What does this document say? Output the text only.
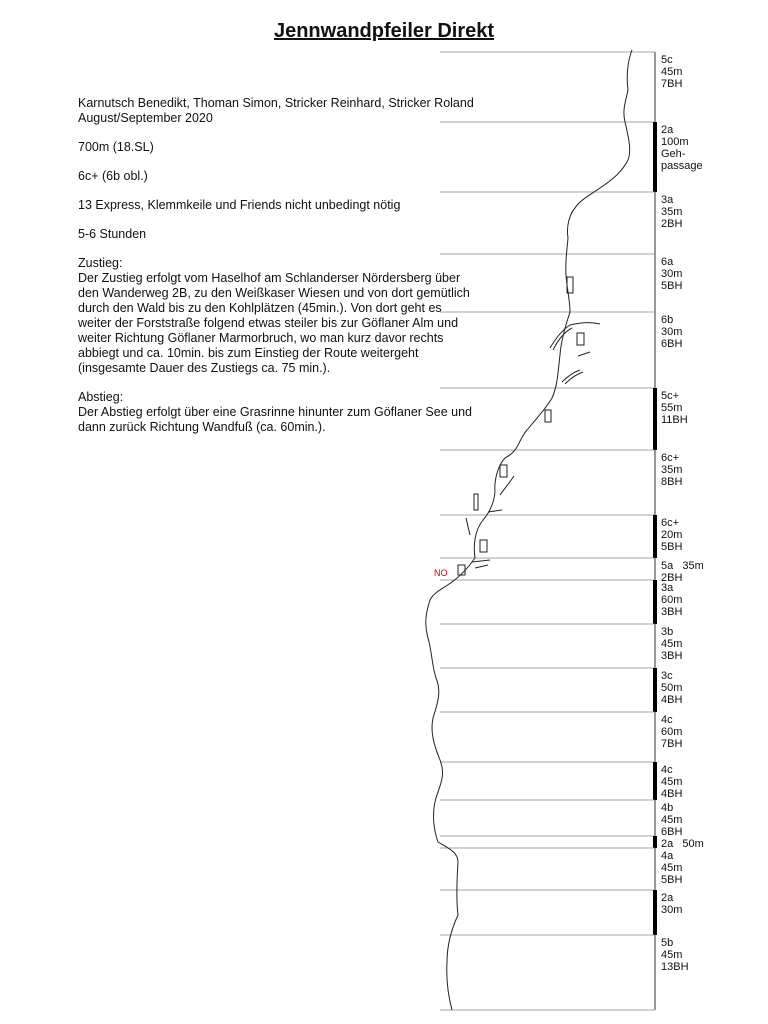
Jennwandpfeiler Direkt

Karnutsch Benedikt, Thoman Simon, Stricker Reinhard, Stricker Roland
August/September 2020

700m (18.SL)

6c+ (6b obl.)

13 Express, Klemmkeile und Friends nicht unbedingt nötig

5-6 Stunden

Zustieg:
Der Zustieg erfolgt vom Haselhof am Schlanderser Nördersberg über den Wanderweg 2B, zu den Weißkaser Wiesen und von dort gemütlich durch den Wald bis zu den Kohlplätzen (45min.). Von dort geht es weiter der Forststraße folgend etwas steiler bis zur Göflaner Alm und weiter Richtung Göflaner Marmorbruch, wo man kurz davor rechts abbiegt und ca. 10min. bis zum Einstieg der Route weitergeht (insgesamte Dauer des Zustiegs ca. 75 min.).

Abstieg:
Der Abstieg erfolgt über eine Grasrinne hinunter zum Göflaner See und dann zurück Richtung Wandfuß (ca. 60min.).

NO
5c
45m
7BH
2a
100m
Geh-
passage
3a
35m
2BH
6a
30m
5BH
6b
30m
6BH
5c+
55m
11BH
6c+
35m
8BH
6c+
20m
5BH
5a   35m
2BH
3a
60m
3BH
3b
45m
3BH
3c
50m
4BH
4c
60m
7BH
4c
45m
4BH
4b
45m
6BH
2a   50m
4a
45m
5BH
2a
30m
5b
45m
13BH
